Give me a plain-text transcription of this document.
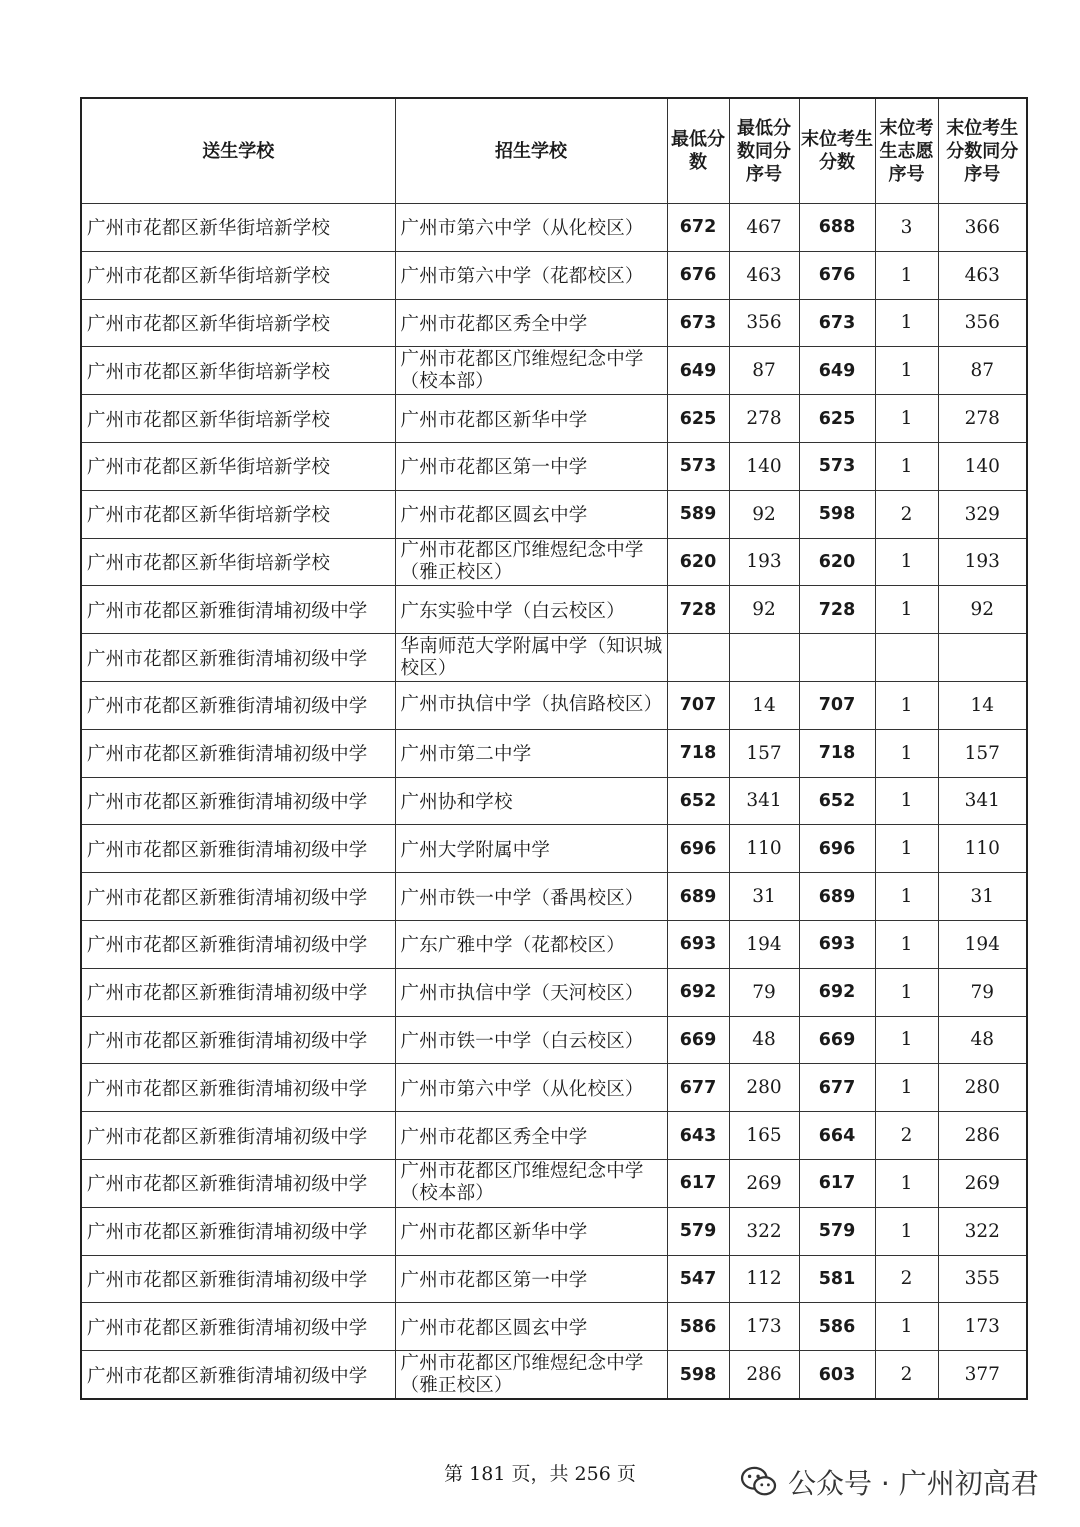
送生学校	招生学校	最低分数	最低分数同分序号	末位考生分数	末位考生志愿序号	末位考生分数同分序号
广州市花都区新华街培新学校	广州市第六中学（从化校区）	672	467	688	3	366
广州市花都区新华街培新学校	广州市第六中学（花都校区）	676	463	676	1	463
广州市花都区新华街培新学校	广州市花都区秀全中学	673	356	673	1	356
广州市花都区新华街培新学校	广州市花都区邝维煜纪念中学（校本部）	649	87	649	1	87
广州市花都区新华街培新学校	广州市花都区新华中学	625	278	625	1	278
广州市花都区新华街培新学校	广州市花都区第一中学	573	140	573	1	140
广州市花都区新华街培新学校	广州市花都区圆玄中学	589	92	598	2	329
广州市花都区新华街培新学校	广州市花都区邝维煜纪念中学（雅正校区）	620	193	620	1	193
广州市花都区新雅街清埔初级中学	广东实验中学（白云校区）	728	92	728	1	92
广州市花都区新雅街清埔初级中学	华南师范大学附属中学（知识城校区）					
广州市花都区新雅街清埔初级中学	广州市执信中学（执信路校区）	707	14	707	1	14
广州市花都区新雅街清埔初级中学	广州市第二中学	718	157	718	1	157
广州市花都区新雅街清埔初级中学	广州协和学校	652	341	652	1	341
广州市花都区新雅街清埔初级中学	广州大学附属中学	696	110	696	1	110
广州市花都区新雅街清埔初级中学	广州市铁一中学（番禺校区）	689	31	689	1	31
广州市花都区新雅街清埔初级中学	广东广雅中学（花都校区）	693	194	693	1	194
广州市花都区新雅街清埔初级中学	广州市执信中学（天河校区）	692	79	692	1	79
广州市花都区新雅街清埔初级中学	广州市铁一中学（白云校区）	669	48	669	1	48
广州市花都区新雅街清埔初级中学	广州市第六中学（从化校区）	677	280	677	1	280
广州市花都区新雅街清埔初级中学	广州市花都区秀全中学	643	165	664	2	286
广州市花都区新雅街清埔初级中学	广州市花都区邝维煜纪念中学（校本部）	617	269	617	1	269
广州市花都区新雅街清埔初级中学	广州市花都区新华中学	579	322	579	1	322
广州市花都区新雅街清埔初级中学	广州市花都区第一中学	547	112	581	2	355
广州市花都区新雅街清埔初级中学	广州市花都区圆玄中学	586	173	586	1	173
广州市花都区新雅街清埔初级中学	广州市花都区邝维煜纪念中学（雅正校区）	598	286	603	2	377
第 181 页，共 256 页	公众号 · 广州初高君
